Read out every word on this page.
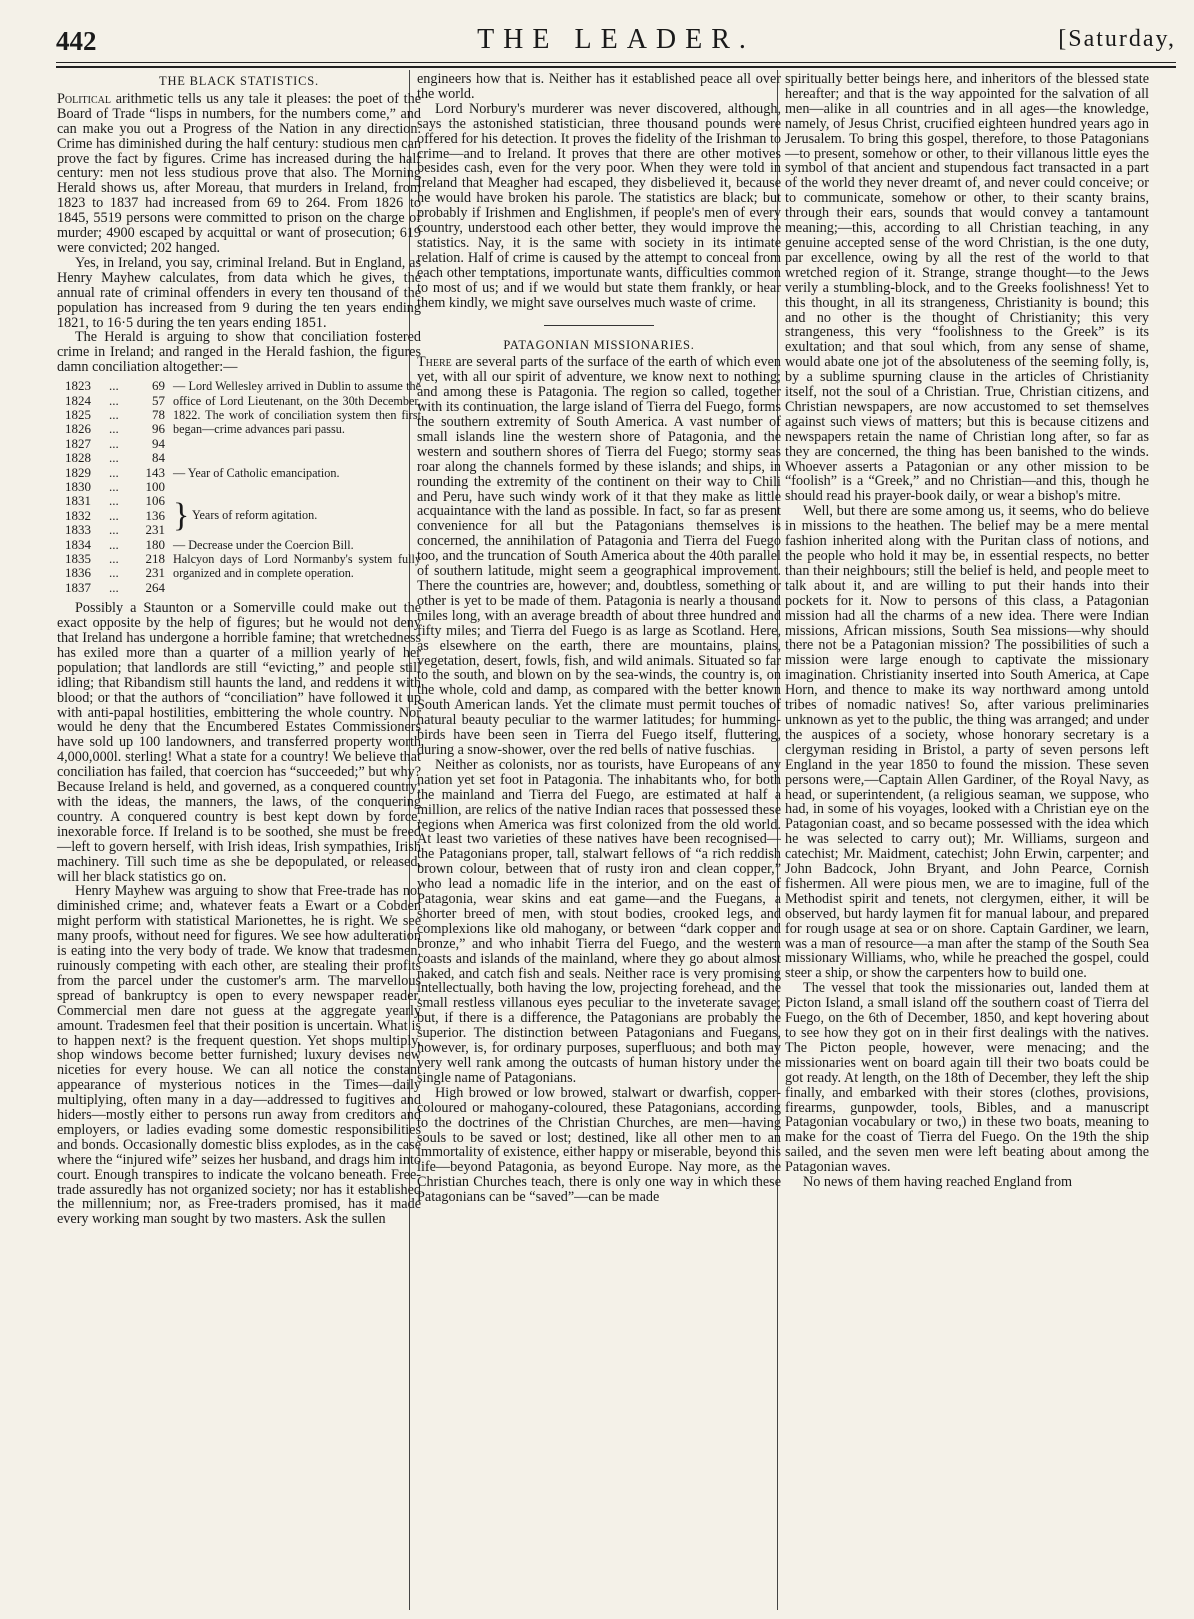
442	THE LEADER.	[Saturday,
THE BLACK STATISTICS.

Political arithmetic tells us any tale it pleases: the poet of the Board of Trade “lisps in numbers, for the numbers come,” and can make you out a Progress of the Nation in any direction. Crime has diminished during the half century: studious men can prove the fact by figures. Crime has increased during the half century: men not less studious prove that also. The Morning Herald shows us, after Moreau, that murders in Ireland, from 1823 to 1837 had increased from 69 to 264. From 1826 to 1845, 5519 persons were committed to prison on the charge of murder; 4900 escaped by acquittal or want of prosecution; 619 were convicted; 202 hanged.

Yes, in Ireland, you say, criminal Ireland. But in England, as Henry Mayhew calculates, from data which he gives, the annual rate of criminal offenders in every ten thousand of the population has increased from 9 during the ten years ending 1821, to 16·5 during the ten years ending 1851.

The Herald is arguing to show that conciliation fostered crime in Ireland; and ranged in the Herald fashion, the figures damn conciliation altogether:—

1823	...	69	— Lord Wellesley arrived in Dublin to assume the office of Lord Lieutenant, on the 30th December, 1822. The work of conciliation system then first began—crime advances pari passu.
1824	...	57	
1825	...	78	
1826	...	96	
1827	...	94	
1828	...	84	
1829	...	143	— Year of Catholic emancipation.
1830	...	100	
1831	...	106	} Years of reform agitation.
1832	...	136	
1833	...	231	
1834	...	180	— Decrease under the Coercion Bill.
1835	...	218	Halcyon days of Lord Normanby's system fully organized and in complete operation.
1836	...	231	
1837	...	264	

Possibly a Staunton or a Somerville could make out the exact opposite by the help of figures; but he would not deny that Ireland has undergone a horrible famine; that wretchedness has exiled more than a quarter of a million yearly of her population; that landlords are still “evicting,” and people still idling; that Ribandism still haunts the land, and reddens it with blood; or that the authors of “conciliation” have followed it up with anti-papal hostilities, embittering the whole country. Nor would he deny that the Encumbered Estates Commissioners have sold up 100 landowners, and transferred property worth 4,000,000l. sterling! What a state for a country! We believe that conciliation has failed, that coercion has “succeeded;” but why? Because Ireland is held, and governed, as a conquered country; with the ideas, the manners, the laws, of the conquering country. A conquered country is best kept down by force, inexorable force. If Ireland is to be soothed, she must be freed—left to govern herself, with Irish ideas, Irish sympathies, Irish machinery. Till such time as she be depopulated, or released, will her black statistics go on.

Henry Mayhew was arguing to show that Free-trade has not diminished crime; and, whatever feats a Ewart or a Cobden might perform with statistical Marionettes, he is right. We see many proofs, without need for figures. We see how adulteration is eating into the very body of trade. We know that tradesmen, ruinously competing with each other, are stealing their profits from the parcel under the customer's arm. The marvellous spread of bankruptcy is open to every newspaper reader. Commercial men dare not guess at the aggregate yearly amount. Tradesmen feel that their position is uncertain. What is to happen next? is the frequent question. Yet shops multiply, shop windows become better furnished; luxury devises new niceties for every house. We can all notice the constant appearance of mysterious notices in the Times—daily multiplying, often many in a day—addressed to fugitives and hiders—mostly either to persons run away from creditors and employers, or ladies evading some domestic responsibilities and bonds. Occasionally domestic bliss explodes, as in the case where the “injured wife” seizes her husband, and drags him into court. Enough transpires to indicate the volcano beneath. Free-trade assuredly has not organized society; nor has it established the millennium; nor, as Free-traders promised, has it made every working man sought by two masters. Ask the sullen

engineers how that is. Neither has it established peace all over the world.

Lord Norbury's murderer was never discovered, although, says the astonished statistician, three thousand pounds were offered for his detection. It proves the fidelity of the Irishman to crime—and to Ireland. It proves that there are other motives besides cash, even for the very poor. When they were told in Ireland that Meagher had escaped, they disbelieved it, because he would have broken his parole. The statistics are black; but probably if Irishmen and Englishmen, if people's men of every country, understood each other better, they would improve the statistics. Nay, it is the same with society in its intimate relation. Half of crime is caused by the attempt to conceal from each other temptations, importunate wants, difficulties common to most of us; and if we would but state them frankly, or hear them kindly, we might save ourselves much waste of crime.

PATAGONIAN MISSIONARIES.

There are several parts of the surface of the earth of which even yet, with all our spirit of adventure, we know next to nothing; and among these is Patagonia. The region so called, together with its continuation, the large island of Tierra del Fuego, forms the southern extremity of South America. A vast number of small islands line the western shore of Patagonia, and the western and southern shores of Tierra del Fuego; stormy seas roar along the channels formed by these islands; and ships, in rounding the extremity of the continent on their way to Chili and Peru, have such windy work of it that they make as little acquaintance with the land as possible. In fact, so far as present convenience for all but the Patagonians themselves is concerned, the annihilation of Patagonia and Tierra del Fuego too, and the truncation of South America about the 40th parallel of southern latitude, might seem a geographical improvement. There the countries are, however; and, doubtless, something or other is yet to be made of them. Patagonia is nearly a thousand miles long, with an average breadth of about three hundred and fifty miles; and Tierra del Fuego is as large as Scotland. Here, as elsewhere on the earth, there are mountains, plains, vegetation, desert, fowls, fish, and wild animals. Situated so far to the south, and blown on by the sea-winds, the country is, on the whole, cold and damp, as compared with the better known South American lands. Yet the climate must permit touches of natural beauty peculiar to the warmer latitudes; for humming-birds have been seen in Tierra del Fuego itself, fluttering, during a snow-shower, over the red bells of native fuschias.

Neither as colonists, nor as tourists, have Europeans of any nation yet set foot in Patagonia. The inhabitants who, for both the mainland and Tierra del Fuego, are estimated at half a million, are relics of the native Indian races that possessed these regions when America was first colonized from the old world. At least two varieties of these natives have been recognised—the Patagonians proper, tall, stalwart fellows of “a rich reddish brown colour, between that of rusty iron and clean copper,” who lead a nomadic life in the interior, and on the east of Patagonia, wear skins and eat game—and the Fuegans, a shorter breed of men, with stout bodies, crooked legs, and complexions like old mahogany, or between “dark copper and bronze,” and who inhabit Tierra del Fuego, and the western coasts and islands of the mainland, where they go about almost naked, and catch fish and seals. Neither race is very promising intellectually, both having the low, projecting forehead, and the small restless villanous eyes peculiar to the inveterate savage; but, if there is a difference, the Patagonians are probably the superior. The distinction between Patagonians and Fuegans, however, is, for ordinary purposes, superfluous; and both may very well rank among the outcasts of human history under the single name of Patagonians.

High browed or low browed, stalwart or dwarfish, copper-coloured or mahogany-coloured, these Patagonians, according to the doctrines of the Christian Churches, are men—having souls to be saved or lost; destined, like all other men to an immortality of existence, either happy or miserable, beyond this life—beyond Patagonia, as beyond Europe. Nay more, as the Christian Churches teach, there is only one way in which these Patagonians can be “saved”—can be made

spiritually better beings here, and inheritors of the blessed state hereafter; and that is the way appointed for the salvation of all men—alike in all countries and in all ages—the knowledge, namely, of Jesus Christ, crucified eighteen hundred years ago in Jerusalem. To bring this gospel, therefore, to those Patagonians—to present, somehow or other, to their villanous little eyes the symbol of that ancient and stupendous fact transacted in a part of the world they never dreamt of, and never could conceive; or to communicate, somehow or other, to their scanty brains, through their ears, sounds that would convey a tantamount meaning;—this, according to all Christian teaching, in any genuine accepted sense of the word Christian, is the one duty, par excellence, owing by all the rest of the world to that wretched region of it. Strange, strange thought—to the Jews verily a stumbling-block, and to the Greeks foolishness! Yet to this thought, in all its strangeness, Christianity is bound; this and no other is the thought of Christianity; this very strangeness, this very “foolishness to the Greek” is its exultation; and that soul which, from any sense of shame, would abate one jot of the absoluteness of the seeming folly, is, by a sublime spurning clause in the articles of Christianity itself, not the soul of a Christian. True, Christian citizens, and Christian newspapers, are now accustomed to set themselves against such views of matters; but this is because citizens and newspapers retain the name of Christian long after, so far as they are concerned, the thing has been banished to the winds. Whoever asserts a Patagonian or any other mission to be “foolish” is a “Greek,” and no Christian—and this, though he should read his prayer-book daily, or wear a bishop's mitre.

Well, but there are some among us, it seems, who do believe in missions to the heathen. The belief may be a mere mental fashion inherited along with the Puritan class of notions, and the people who hold it may be, in essential respects, no better than their neighbours; still the belief is held, and people meet to talk about it, and are willing to put their hands into their pockets for it. Now to persons of this class, a Patagonian mission had all the charms of a new idea. There were Indian missions, African missions, South Sea missions—why should there not be a Patagonian mission? The possibilities of such a mission were large enough to captivate the missionary imagination. Christianity inserted into South America, at Cape Horn, and thence to make its way northward among untold tribes of nomadic natives! So, after various preliminaries unknown as yet to the public, the thing was arranged; and under the auspices of a society, whose honorary secretary is a clergyman residing in Bristol, a party of seven persons left England in the year 1850 to found the mission. These seven persons were,—Captain Allen Gardiner, of the Royal Navy, as head, or superintendent, (a religious seaman, we suppose, who had, in some of his voyages, looked with a Christian eye on the Patagonian coast, and so became possessed with the idea which he was selected to carry out); Mr. Williams, surgeon and catechist; Mr. Maidment, catechist; John Erwin, carpenter; and John Badcock, John Bryant, and John Pearce, Cornish fishermen. All were pious men, we are to imagine, full of the Methodist spirit and tenets, not clergymen, either, it will be observed, but hardy laymen fit for manual labour, and prepared for rough usage at sea or on shore. Captain Gardiner, we learn, was a man of resource—a man after the stamp of the South Sea missionary Williams, who, while he preached the gospel, could steer a ship, or show the carpenters how to build one.

The vessel that took the missionaries out, landed them at Picton Island, a small island off the southern coast of Tierra del Fuego, on the 6th of December, 1850, and kept hovering about to see how they got on in their first dealings with the natives. The Picton people, however, were menacing; and the missionaries went on board again till their two boats could be got ready. At length, on the 18th of December, they left the ship finally, and embarked with their stores (clothes, provisions, firearms, gunpowder, tools, Bibles, and a manuscript Patagonian vocabulary or two,) in these two boats, meaning to make for the coast of Tierra del Fuego. On the 19th the ship sailed, and the seven men were left beating about among the Patagonian waves.

No news of them having reached England from
